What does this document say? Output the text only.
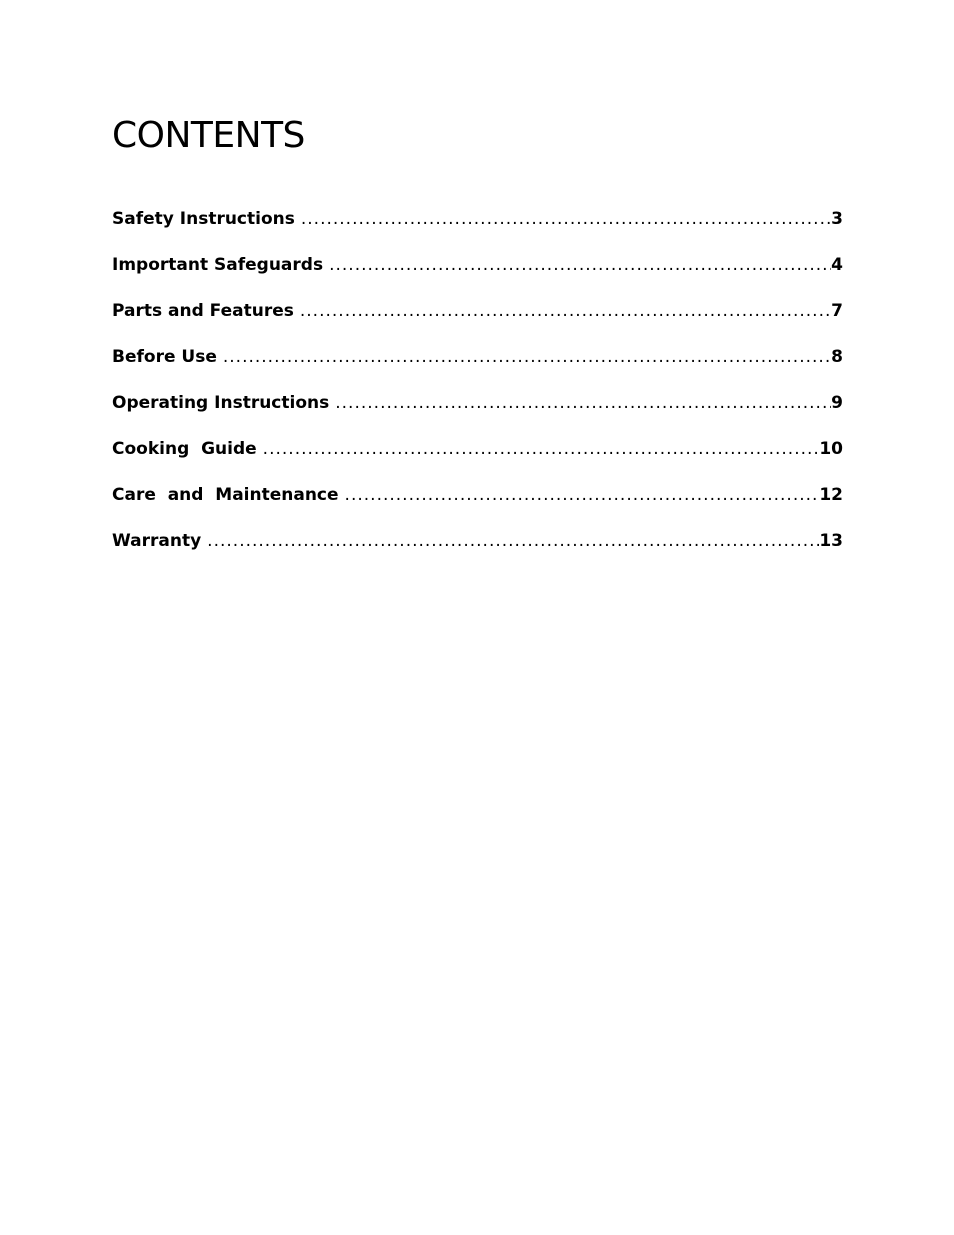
CONTENTS
Safety Instructions .....	3
Important Safeguards .....	4
Parts and Features .....	7
Before Use .....	8
Operating Instructions .....	9
Cooking  Guide .....	10
Care  and  Maintenance .....	12
Warranty .....	13
